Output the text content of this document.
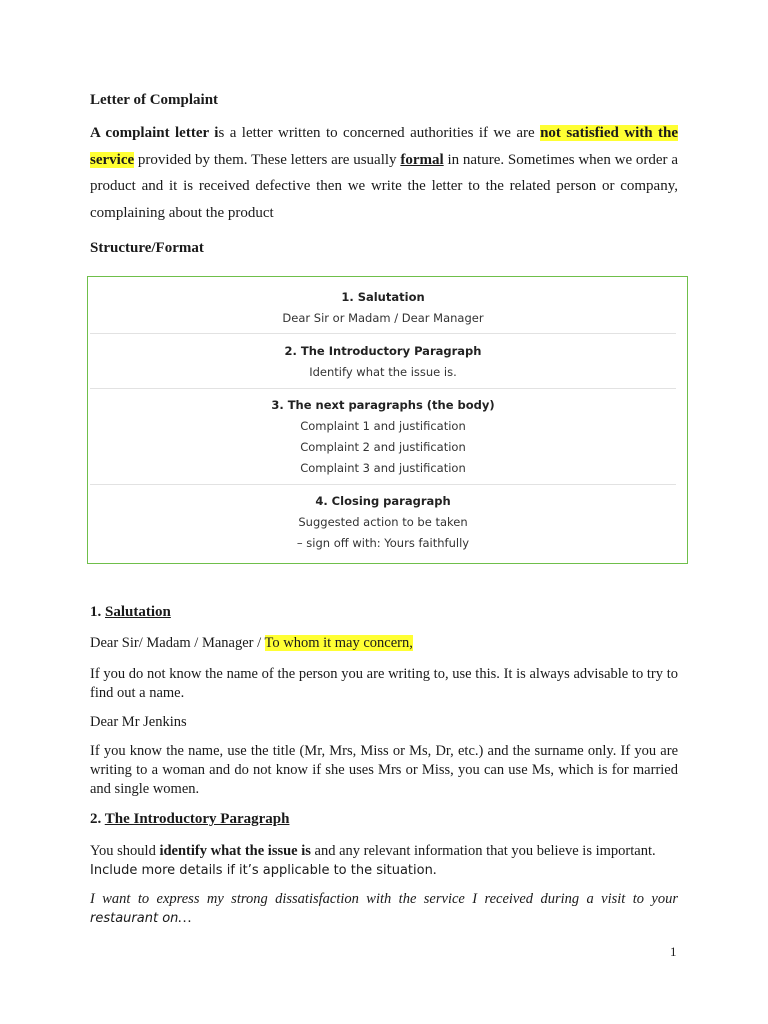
Letter of Complaint
A complaint letter is a letter written to concerned authorities if we are not satisfied with the service provided by them. These letters are usually formal in nature. Sometimes when we order a product and it is received defective then we write the letter to the related person or company, complaining about the product
Structure/Format
1. Salutation
Dear Sir or Madam / Dear Manager
2. The Introductory Paragraph
Identify what the issue is.
3. The next paragraphs (the body)
Complaint 1 and justification
Complaint 2 and justification
Complaint 3 and justification
4. Closing paragraph
Suggested action to be taken
– sign off with: Yours faithfully
1. Salutation
Dear Sir/ Madam / Manager / To whom it may concern,
If you do not know the name of the person you are writing to, use this. It is always advisable to try to find out a name.
Dear Mr Jenkins
If you know the name, use the title (Mr, Mrs, Miss or Ms, Dr, etc.) and the surname only. If you are writing to a woman and do not know if she uses Mrs or Miss, you can use Ms, which is for married and single women.
2. The Introductory Paragraph
You should identify what the issue is and any relevant information that you believe is important.
Include more details if it’s applicable to the situation.
I want to express my strong dissatisfaction with the service I received during a visit to your restaurant on…
1
